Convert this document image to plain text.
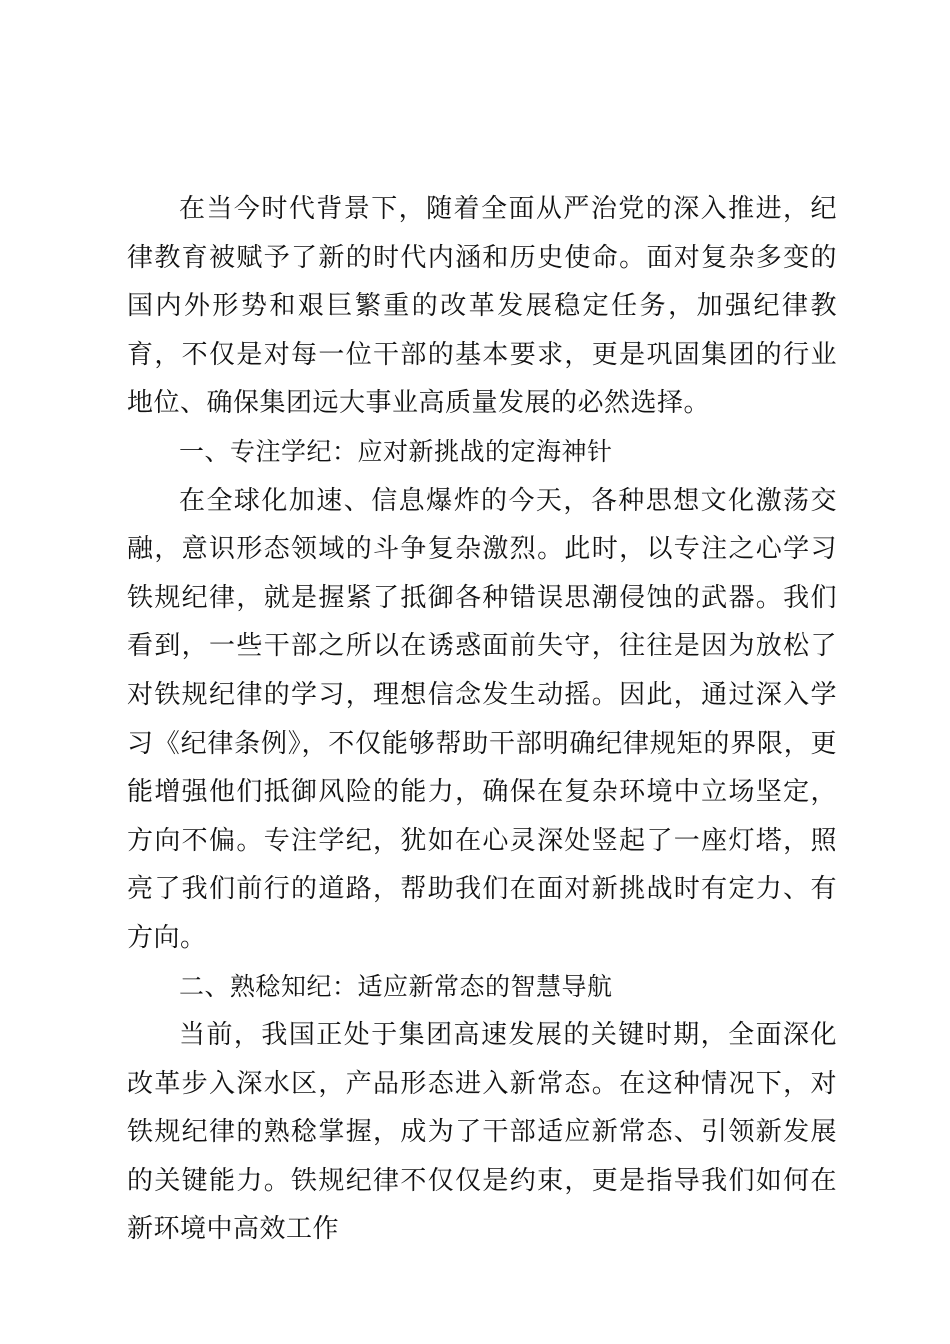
在当今时代背景下，随着全面从严治党的深入推进，纪律教育被赋予了新的时代内涵和历史使命。面对复杂多变的国内外形势和艰巨繁重的改革发展稳定任务，加强纪律教育，不仅是对每一位干部的基本要求，更是巩固集团的行业地位、确保集团远大事业高质量发展的必然选择。

一、专注学纪：应对新挑战的定海神针

在全球化加速、信息爆炸的今天，各种思想文化激荡交融，意识形态领域的斗争复杂激烈。此时，以专注之心学习铁规纪律，就是握紧了抵御各种错误思潮侵蚀的武器。我们看到，一些干部之所以在诱惑面前失守，往往是因为放松了对铁规纪律的学习，理想信念发生动摇。因此，通过深入学习《纪律条例》，不仅能够帮助干部明确纪律规矩的界限，更能增强他们抵御风险的能力，确保在复杂环境中立场坚定，方向不偏。专注学纪，犹如在心灵深处竖起了一座灯塔，照亮了我们前行的道路，帮助我们在面对新挑战时有定力、有方向。

二、熟稔知纪：适应新常态的智慧导航

当前，我国正处于集团高速发展的关键时期，全面深化改革步入深水区，产品形态进入新常态。在这种情况下，对铁规纪律的熟稔掌握，成为了干部适应新常态、引领新发展的关键能力。铁规纪律不仅仅是约束，更是指导我们如何在新环境中高效工作
